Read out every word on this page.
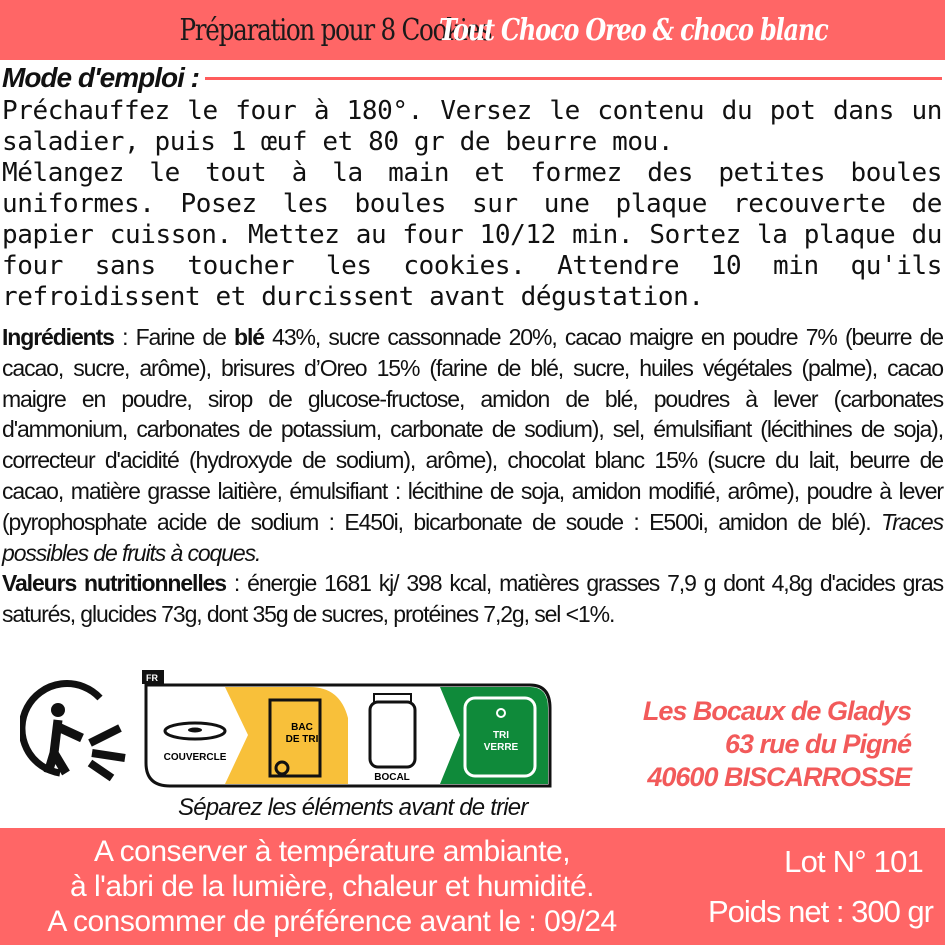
Préparation pour 8 Cookies
Tout Choco Oreo & choco blanc
Mode d'emploi :

Préchauffez le four à 180°. Versez le contenu du pot dans un saladier, puis 1 œuf et 80 gr de beurre mou.

Mélangez le tout à la main et formez des petites boules uniformes. Posez les boules sur une plaque recouverte de papier cuisson. Mettez au four 10/12 min. Sortez la plaque du four sans toucher les cookies. Attendre 10 min qu'ils refroidissent et durcissent avant dégustation.

Ingrédients : Farine de blé 43%, sucre cassonnade 20%, cacao maigre en poudre 7% (beurre de cacao, sucre, arôme), brisures d’Oreo 15% (farine de blé, sucre, huiles végétales (palme), cacao maigre en poudre, sirop de glucose-fructose, amidon de blé, poudres à lever (carbonates d'ammonium, carbonates de potassium, carbonate de sodium), sel, émulsifiant (lécithines de soja), correcteur d'acidité (hydroxyde de sodium), arôme), chocolat blanc 15% (sucre du lait, beurre de cacao, matière grasse laitière, émulsifiant : lécithine de soja, amidon modifié, arôme), poudre à lever (pyrophosphate acide de sodium : E450i, bicarbonate de soude : E500i, amidon de blé). Traces possibles de fruits à coques.

Valeurs nutritionnelles : énergie 1681 kj/ 398 kcal, matières grasses 7,9 g dont 4,8g d'acides gras saturés, glucides 73g, dont 35g de sucres, protéines 7,2g, sel <1%.

FR
COUVERCLE
BAC
DE TRI
BOCAL
TRI
VERRE
Séparez les éléments avant de trier
Les Bocaux de Gladys
63 rue du Pigné
40600 BISCARROSSE
A conserver à température ambiante,
à l'abri de la lumière, chaleur et humidité.
A consommer de préférence avant le : 09/24
Lot N° 101
Poids net : 300 gr
